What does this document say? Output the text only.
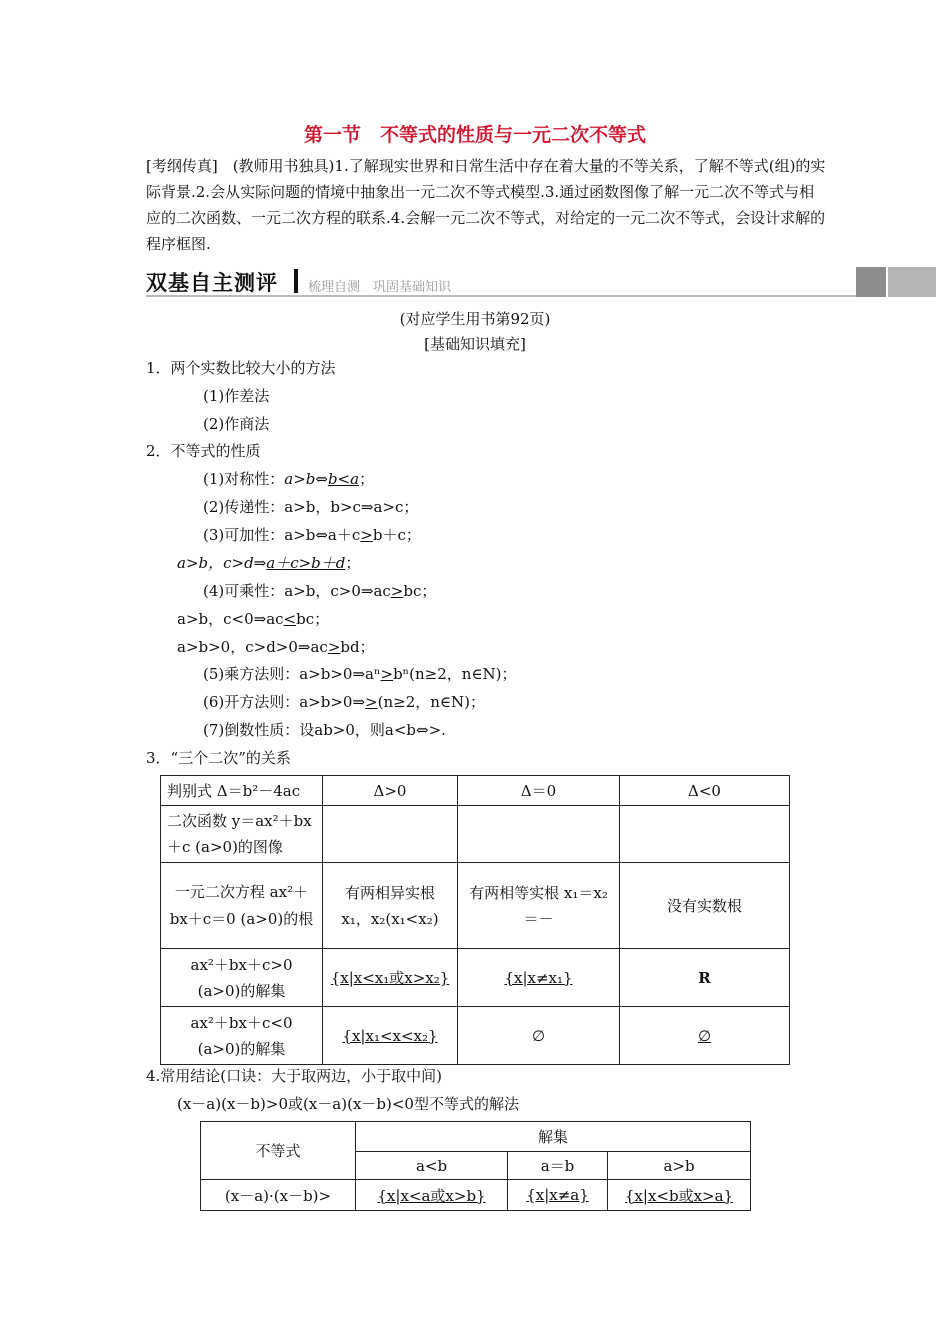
第一节　不等式的性质与一元二次不等式
[考纲传真]　(教师用书独具)1.了解现实世界和日常生活中存在着大量的不等关系，了解不等式(组)的实际背景.2.会从实际问题的情境中抽象出一元二次不等式模型.3.通过函数图像了解一元二次不等式与相应的二次函数、一元二次方程的联系.4.会解一元二次不等式，对给定的一元二次不等式，会设计求解的程序框图.
双基自主测评 梳理自测　巩固基础知识
(对应学生用书第92页)
[基础知识填充]
1．两个实数比较大小的方法
(1)作差法
(2)作商法
2．不等式的性质
(1)对称性：a>b⇔b<a；
(2)传递性：a>b，b>c⇒a>c；
(3)可加性：a>b⇔a＋c>b＋c；
a>b，c>d⇒a＋c>b＋d；
(4)可乘性：a>b，c>0⇒ac>bc；
a>b，c<0⇒ac<bc；
a>b>0，c>d>0⇒ac>bd；
(5)乘方法则：a>b>0⇒aⁿ>bⁿ(n≥2，n∈N)；
(6)开方法则：a>b>0⇒>(n≥2，n∈N)；
(7)倒数性质：设ab>0，则a<b⇔>.
3．“三个二次”的关系
判别式 Δ＝b²－4ac	Δ>0	Δ＝0	Δ<0
二次函数 y＝ax²＋bx＋c (a>0)的图像			
一元二次方程 ax²＋bx＋c＝0 (a>0)的根	有两相异实根 x₁，x₂(x₁<x₂)	有两相等实根 x₁＝x₂＝－	没有实数根
ax²＋bx＋c>0 (a>0)的解集	{x|x<x₁或x>x₂}	{x|x≠x₁}	R
ax²＋bx＋c<0 (a>0)的解集	{x|x₁<x<x₂}	∅	∅
4.常用结论(口诀：大于取两边，小于取中间)
(x－a)(x－b)>0或(x－a)(x－b)<0型不等式的解法
不等式	解集		
	a<b	a＝b	a>b
(x－a)·(x－b)>	{x|x<a或x>b}	{x|x≠a}	{x|x<b或x>a}
